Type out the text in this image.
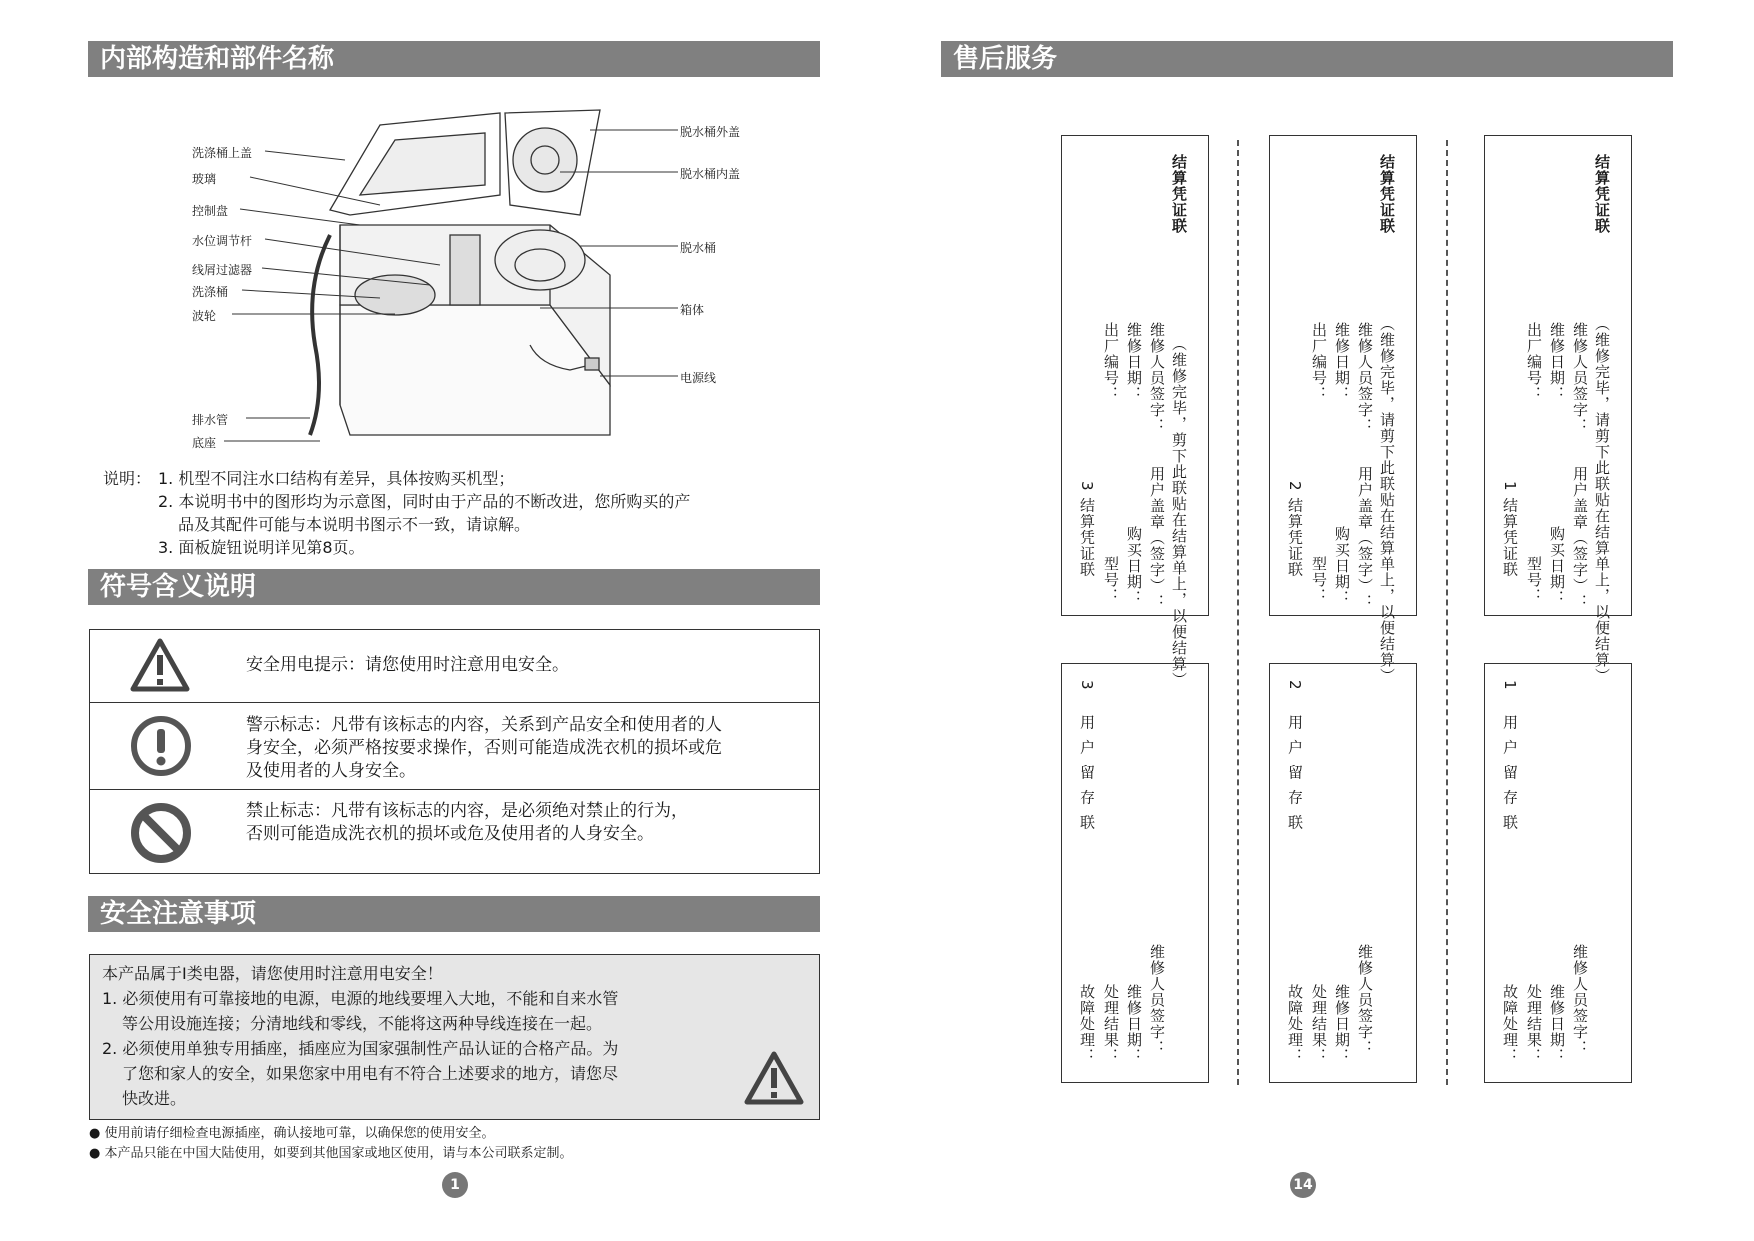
内部构造和部件名称
洗涤桶上盖
玻璃
控制盘
水位调节杆
线屑过滤器
洗涤桶
波轮
排水管
底座
脱水桶外盖
脱水桶内盖
脱水桶
箱体
电源线
说明： 1. 机型不同注水口结构有差异，具体按购买机型；
2. 本说明书中的图形均为示意图，同时由于产品的不断改进，您所购买的产
品及其配件可能与本说明书图示不一致，请谅解。
3. 面板旋钮说明详见第8页。
符号含义说明
安全用电提示：请您使用时注意用电安全。
警示标志：凡带有该标志的内容，关系到产品安全和使用者的人
身安全，必须严格按要求操作，否则可能造成洗衣机的损坏或危
及使用者的人身安全。
禁止标志：凡带有该标志的内容，是必须绝对禁止的行为，
否则可能造成洗衣机的损坏或危及使用者的人身安全。
安全注意事项
本产品属于Ⅰ类电器，请您使用时注意用电安全！
1. 必须使用有可靠接地的电源，电源的地线要埋入大地，不能和自来水管
等公用设施连接；分清地线和零线，不能将这两种导线连接在一起。
2. 必须使用单独专用插座，插座应为国家强制性产品认证的合格产品。为
了您和家人的安全，如果您家中用电有不符合上述要求的地方，请您尽
快改进。
● 使用前请仔细检查电源插座，确认接地可靠，以确保您的使用安全。
● 本产品只能在中国大陆使用，如要到其他国家或地区使用，请与本公司联系定制。
1
售后服务
结算凭证联
（维修完毕，剪下此联贴在结算单上，以便结算）
维修人员签字：
维修日期：
出厂编号：
用户盖章（签字）：
购买日期：
型号：
3 结算凭证联
3 用户留存联
维修人员签字：
维修日期：
处理结果：
故障处理：
结算凭证联
（维修完毕，请剪下此联贴在结算单上，以便结算）
维修人员签字：
维修日期：
出厂编号：
用户盖章（签字）：
购买日期：
型号：
2 结算凭证联
2 用户留存联
维修人员签字：
维修日期：
处理结果：
故障处理：
结算凭证联
（维修完毕，请剪下此联贴在结算单上，以便结算）
维修人员签字：
维修日期：
出厂编号：
用户盖章（签字）：
购买日期：
型号：
1 结算凭证联
1 用户留存联
维修人员签字：
维修日期：
处理结果：
故障处理：
14
